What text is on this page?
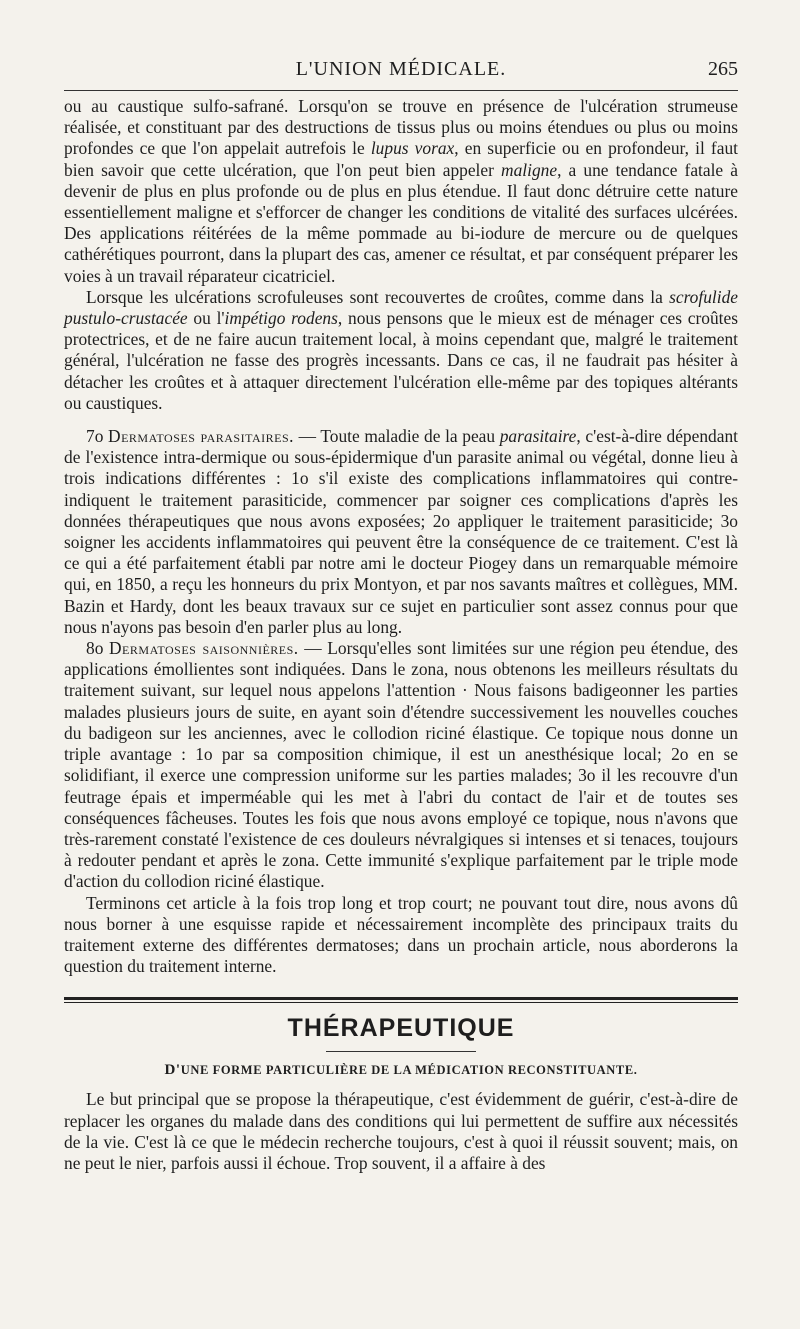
L'UNION MÉDICALE.	265

ou au caustique sulfo-safrané. Lorsqu'on se trouve en présence de l'ulcération strumeuse réalisée, et constituant par des destructions de tissus plus ou moins étendues ou plus ou moins profondes ce que l'on appelait autrefois le lupus vorax, en superficie ou en profondeur, il faut bien savoir que cette ulcération, que l'on peut bien appeler maligne, a une tendance fatale à devenir de plus en plus profonde ou de plus en plus étendue. Il faut donc détruire cette nature essentiellement maligne et s'efforcer de changer les conditions de vitalité des surfaces ulcérées. Des applications réitérées de la même pommade au bi-iodure de mercure ou de quelques cathérétiques pourront, dans la plupart des cas, amener ce résultat, et par conséquent préparer les voies à un travail réparateur cicatriciel.

Lorsque les ulcérations scrofuleuses sont recouvertes de croûtes, comme dans la scrofulide pustulo-crustacée ou l'impétigo rodens, nous pensons que le mieux est de ménager ces croûtes protectrices, et de ne faire aucun traitement local, à moins cependant que, malgré le traitement général, l'ulcération ne fasse des progrès incessants. Dans ce cas, il ne faudrait pas hésiter à détacher les croûtes et à attaquer directement l'ulcération elle-même par des topiques altérants ou caustiques.

7o Dermatoses parasitaires. — Toute maladie de la peau parasitaire, c'est-à-dire dépendant de l'existence intra-dermique ou sous-épidermique d'un parasite animal ou végétal, donne lieu à trois indications différentes : 1o s'il existe des complications inflammatoires qui contre-indiquent le traitement parasiticide, commencer par soigner ces complications d'après les données thérapeutiques que nous avons exposées; 2o appliquer le traitement parasiticide; 3o soigner les accidents inflammatoires qui peuvent être la conséquence de ce traitement. C'est là ce qui a été parfaitement établi par notre ami le docteur Piogey dans un remarquable mémoire qui, en 1850, a reçu les honneurs du prix Montyon, et par nos savants maîtres et collègues, MM. Bazin et Hardy, dont les beaux travaux sur ce sujet en particulier sont assez connus pour que nous n'ayons pas besoin d'en parler plus au long.

8o Dermatoses saisonnières. — Lorsqu'elles sont limitées sur une région peu étendue, des applications émollientes sont indiquées. Dans le zona, nous obtenons les meilleurs résultats du traitement suivant, sur lequel nous appelons l'attention · Nous faisons badigeonner les parties malades plusieurs jours de suite, en ayant soin d'étendre successivement les nouvelles couches du badigeon sur les anciennes, avec le collodion riciné élastique. Ce topique nous donne un triple avantage : 1o par sa composition chimique, il est un anesthésique local; 2o en se solidifiant, il exerce une compression uniforme sur les parties malades; 3o il les recouvre d'un feutrage épais et imperméable qui les met à l'abri du contact de l'air et de toutes ses conséquences fâcheuses. Toutes les fois que nous avons employé ce topique, nous n'avons que très-rarement constaté l'existence de ces douleurs névralgiques si intenses et si tenaces, toujours à redouter pendant et après le zona. Cette immunité s'explique parfaitement par le triple mode d'action du collodion riciné élastique.

Terminons cet article à la fois trop long et trop court; ne pouvant tout dire, nous avons dû nous borner à une esquisse rapide et nécessairement incomplète des principaux traits du traitement externe des différentes dermatoses; dans un prochain article, nous aborderons la question du traitement interne.

THÉRAPEUTIQUE
D'UNE FORME PARTICULIÈRE DE LA MÉDICATION RECONSTITUANTE.

Le but principal que se propose la thérapeutique, c'est évidemment de guérir, c'est-à-dire de replacer les organes du malade dans des conditions qui lui permettent de suffire aux nécessités de la vie. C'est là ce que le médecin recherche toujours, c'est à quoi il réussit souvent; mais, on ne peut le nier, parfois aussi il échoue. Trop souvent, il a affaire à des
